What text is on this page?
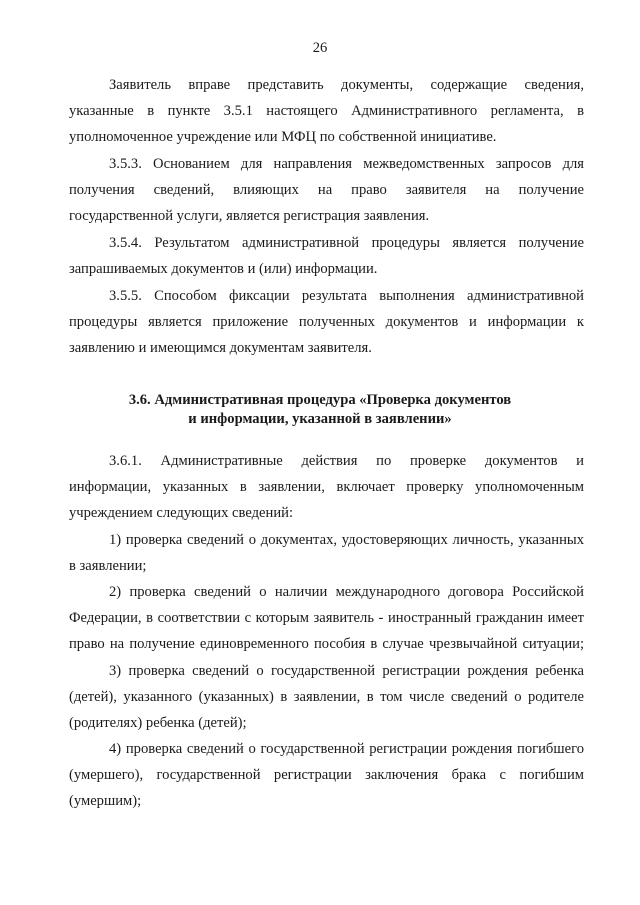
26
Заявитель вправе представить документы, содержащие сведения,
указанные в пункте 3.5.1 настоящего Административного регламента, в
уполномоченное учреждение или МФЦ по собственной инициативе.
3.5.3. Основанием для направления межведомственных запросов для
получения сведений, влияющих на право заявителя на получение
государственной услуги, является регистрация заявления.
3.5.4. Результатом административной процедуры является получение
запрашиваемых документов и (или) информации.
3.5.5. Способом фиксации результата выполнения административной
процедуры является приложение полученных документов и информации к
заявлению и имеющимся документам заявителя.
3.6. Административная процедура «Проверка документов
и информации, указанной в заявлении»
3.6.1. Административные действия по проверке документов и
информации, указанных в заявлении, включает проверку уполномоченным
учреждением следующих сведений:
1) проверка сведений о документах, удостоверяющих личность, указанных
в заявлении;
2) проверка сведений о наличии международного договора Российской
Федерации, в соответствии с которым заявитель - иностранный гражданин имеет
право на получение единовременного пособия в случае чрезвычайной ситуации;
3) проверка сведений о государственной регистрации рождения ребенка
(детей), указанного (указанных) в заявлении, в том числе сведений о родителе
(родителях) ребенка (детей);
4) проверка сведений о государственной регистрации рождения погибшего
(умершего), государственной регистрации заключения брака с погибшим
(умершим);
